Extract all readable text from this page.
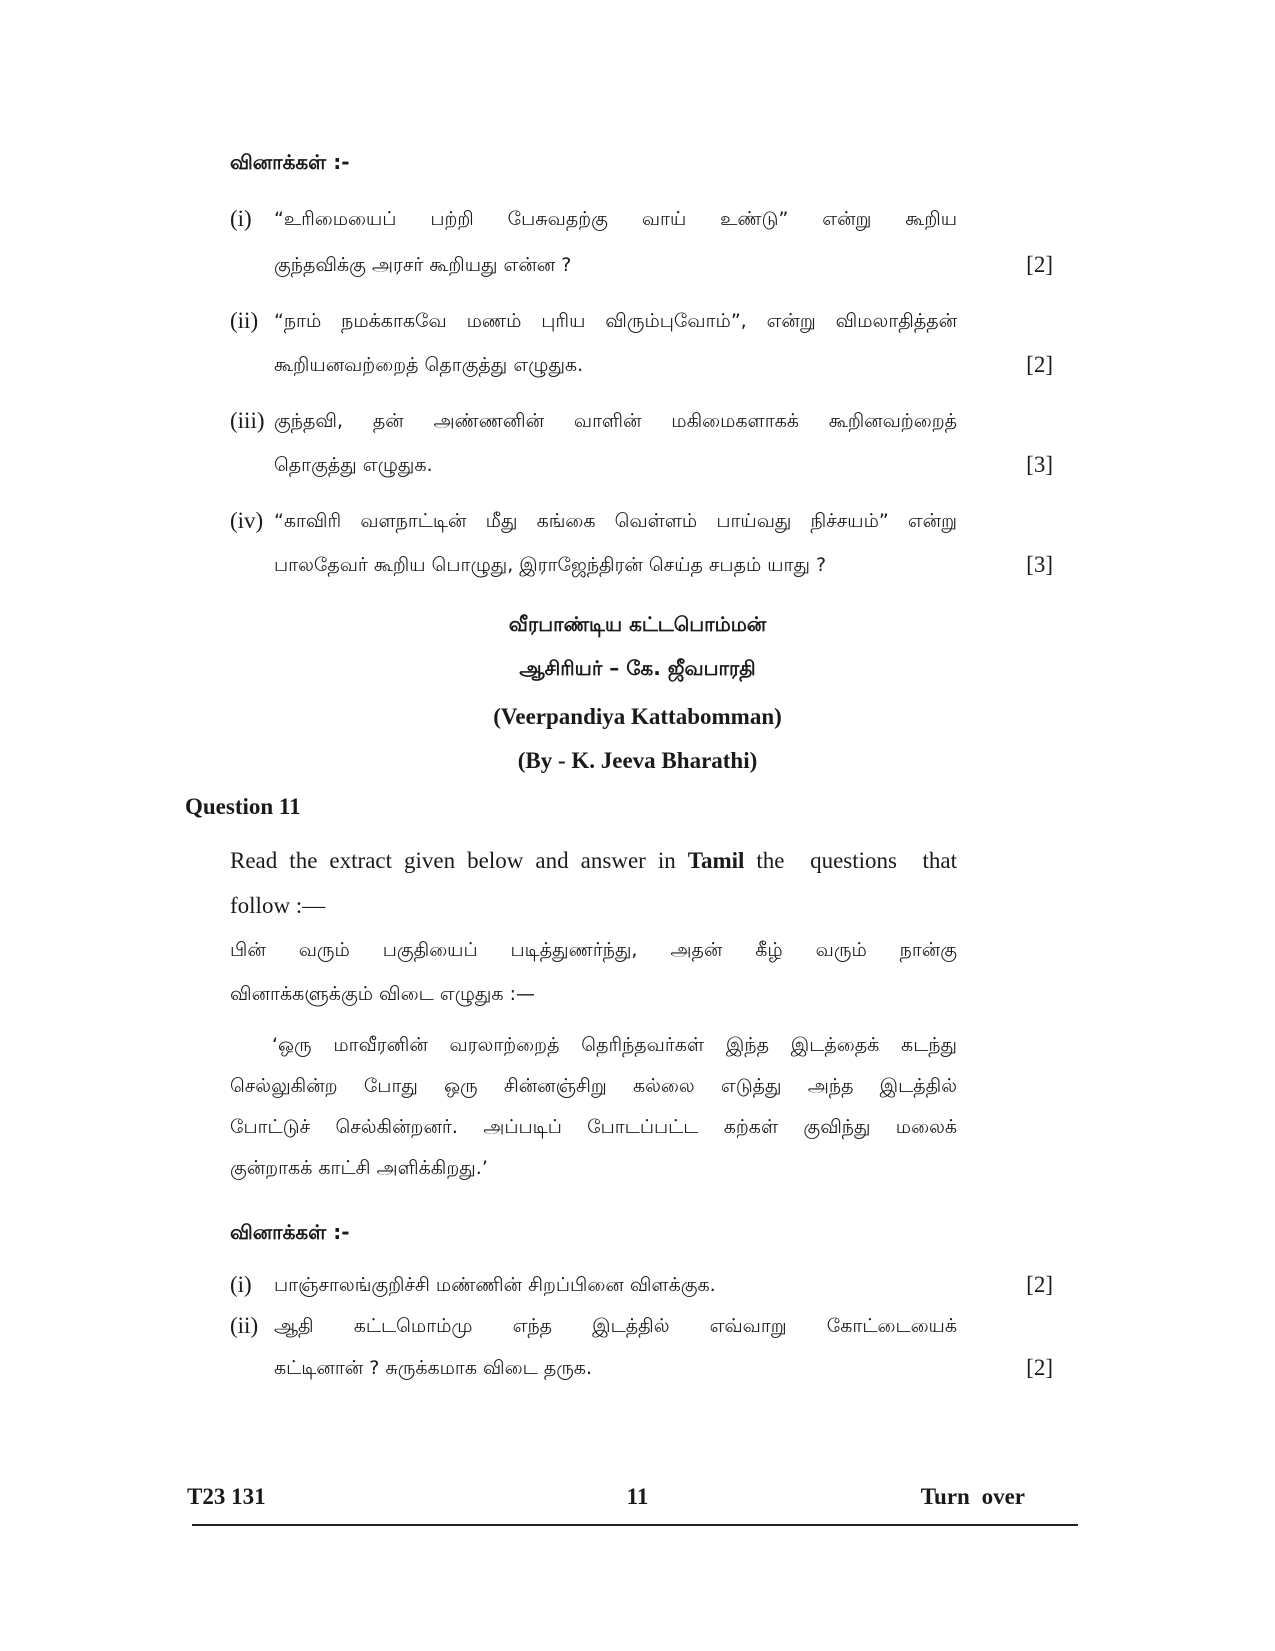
வினாக்கள் :-
(i) “உரிமையைப் பற்றி பேசுவதற்கு வாய் உண்டு” என்று கூறிய
குந்தவிக்கு அரசர் கூறியது என்ன ?	[2]
(ii) “நாம் நமக்காகவே மணம் புரிய விரும்புவோம்”, என்று விமலாதித்தன்
கூறியனவற்றைத் தொகுத்து எழுதுக.	[2]
(iii) குந்தவி, தன் அண்ணனின் வாளின் மகிமைகளாகக் கூறினவற்றைத்
தொகுத்து எழுதுக.	[3]
(iv) “காவிரி வளநாட்டின் மீது கங்கை வெள்ளம் பாய்வது நிச்சயம்” என்று
பாலதேவர் கூறிய பொழுது, இராஜேந்திரன் செய்த சபதம் யாது ?	[3]
வீரபாண்டிய கட்டபொம்மன்
ஆசிரியர் – கே. ஜீவபாரதி
(Veerpandiya Kattabomman)
(By - K. Jeeva Bharathi)
Question 11
Read the extract given below and answer in Tamil the questions that
follow :—
பின் வரும் பகுதியைப் படித்துணர்ந்து, அதன் கீழ் வரும் நான்கு
வினாக்களுக்கும் விடை எழுதுக :—
‘ஒரு மாவீரனின் வரலாற்றைத் தெரிந்தவர்கள் இந்த இடத்தைக் கடந்து
செல்லுகின்ற போது ஒரு சின்னஞ்சிறு கல்லை எடுத்து அந்த இடத்தில்
போட்டுச் செல்கின்றனர். அப்படிப் போடப்பட்ட கற்கள் குவிந்து மலைக்
குன்றாகக் காட்சி அளிக்கிறது.’
வினாக்கள் :-
(i) பாஞ்சாலங்குறிச்சி மண்ணின் சிறப்பினை விளக்குக.	[2]
(ii) ஆதி கட்டமொம்மு எந்த இடத்தில் எவ்வாறு கோட்டையைக்
கட்டினான் ? சுருக்கமாக விடை தருக.	[2]
T23 131	11	Turn over
